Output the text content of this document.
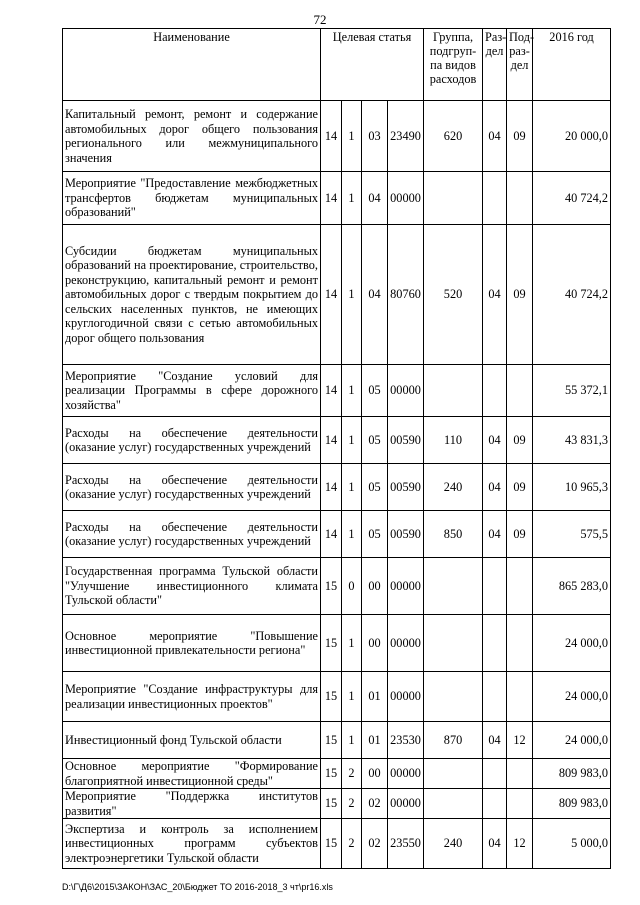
72
Наименование	Целевая статья				Группа, подгруп-па видов расходов	Раз-дел	Под-раз-дел	2016 год
Капитальный ремонт, ремонт и содержание автомобильных дорог общего пользования регионального или межмуниципального значения	14	1	03	23490	620	04	09	20 000,0
Мероприятие "Предоставление межбюджетных трансфертов бюджетам муниципальных образований"	14	1	04	00000				40 724,2
Субсидии бюджетам муниципальных образований на проектирование, строительство, реконструкцию, капитальный ремонт и ремонт автомобильных дорог с твердым покрытием до сельских населенных пунктов, не имеющих круглогодичной связи с сетью автомобильных дорог общего пользования	14	1	04	80760	520	04	09	40 724,2
Мероприятие "Создание условий для реализации Программы в сфере дорожного хозяйства"	14	1	05	00000				55 372,1
Расходы на обеспечение деятельности (оказание услуг) государственных учреждений	14	1	05	00590	110	04	09	43 831,3
Расходы на обеспечение деятельности (оказание услуг) государственных учреждений	14	1	05	00590	240	04	09	10 965,3
Расходы на обеспечение деятельности (оказание услуг) государственных учреждений	14	1	05	00590	850	04	09	575,5
Государственная программа Тульской области "Улучшение инвестиционного климата Тульской области"	15	0	00	00000				865 283,0
Основное мероприятие "Повышение инвестиционной привлекательности региона"	15	1	00	00000				24 000,0
Мероприятие "Создание инфраструктуры для реализации инвестиционных проектов"	15	1	01	00000				24 000,0
Инвестиционный фонд Тульской области	15	1	01	23530	870	04	12	24 000,0
Основное мероприятие "Формирование благоприятной инвестиционной среды"	15	2	00	00000				809 983,0
Мероприятие "Поддержка институтов развития"	15	2	02	00000				809 983,0
Экспертиза и контроль за исполнением инвестиционных программ субъектов электроэнергетики Тульской области	15	2	02	23550	240	04	12	5 000,0
D:\Г\Д6\2015\ЗАКОН\ЗАС_20\Бюджет ТО 2016-2018_3 чт\pr16.xls
